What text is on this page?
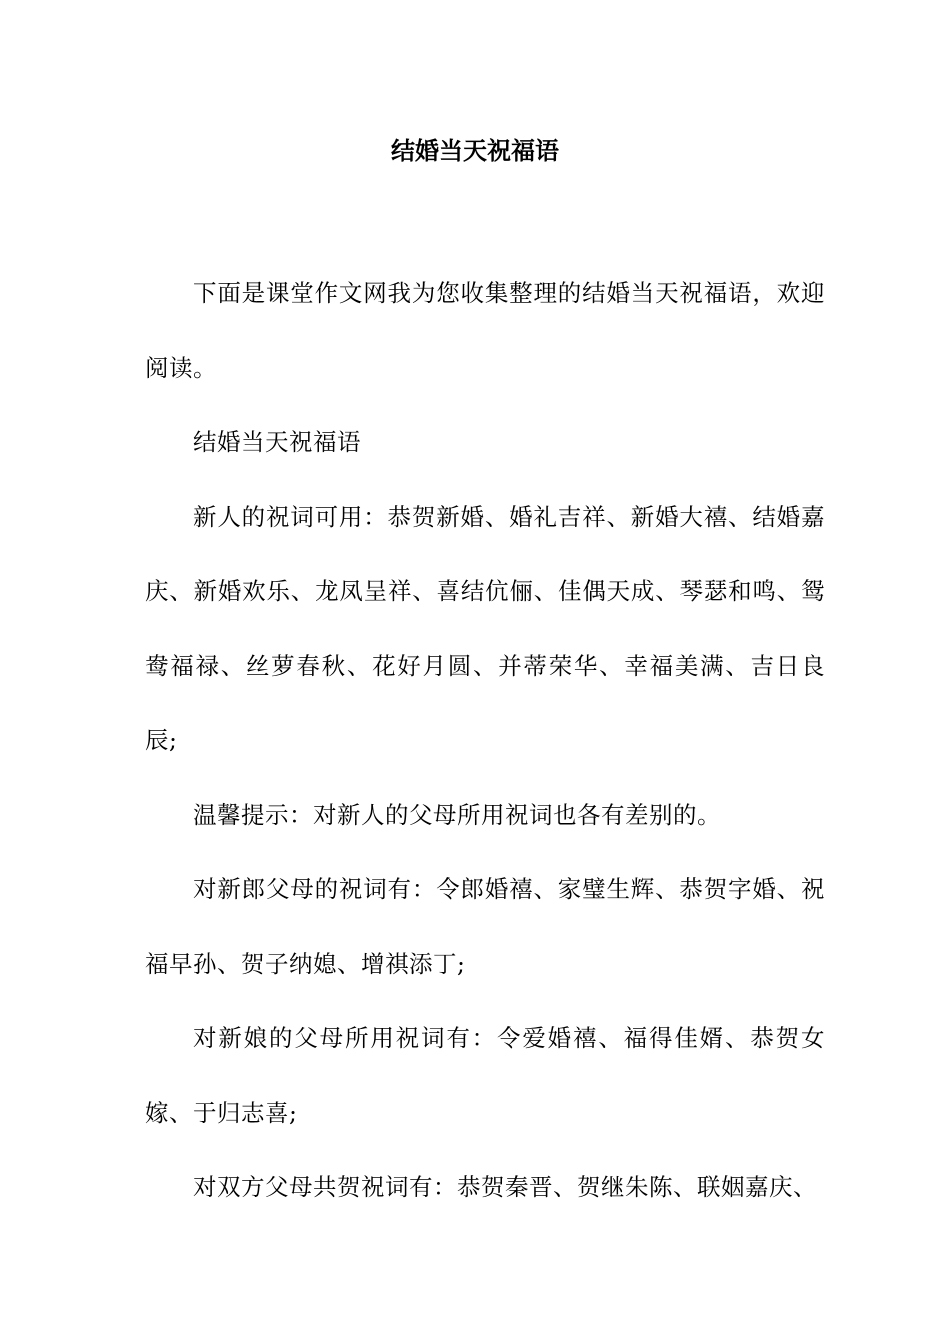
结婚当天祝福语

下面是课堂作文网我为您收集整理的结婚当天祝福语，欢迎阅读。

结婚当天祝福语

新人的祝词可用：恭贺新婚、婚礼吉祥、新婚大禧、结婚嘉庆、新婚欢乐、龙凤呈祥、喜结伉俪、佳偶天成、琴瑟和鸣、鸳鸯福禄、丝萝春秋、花好月圆、并蒂荣华、幸福美满、吉日良辰;

温馨提示：对新人的父母所用祝词也各有差别的。

对新郎父母的祝词有：令郎婚禧、家璧生辉、恭贺字婚、祝福早孙、贺子纳媳、增祺添丁;

对新娘的父母所用祝词有：令爱婚禧、福得佳婿、恭贺女嫁、于归志喜;

对双方父母共贺祝词有：恭贺秦晋、贺继朱陈、联姻嘉庆、
